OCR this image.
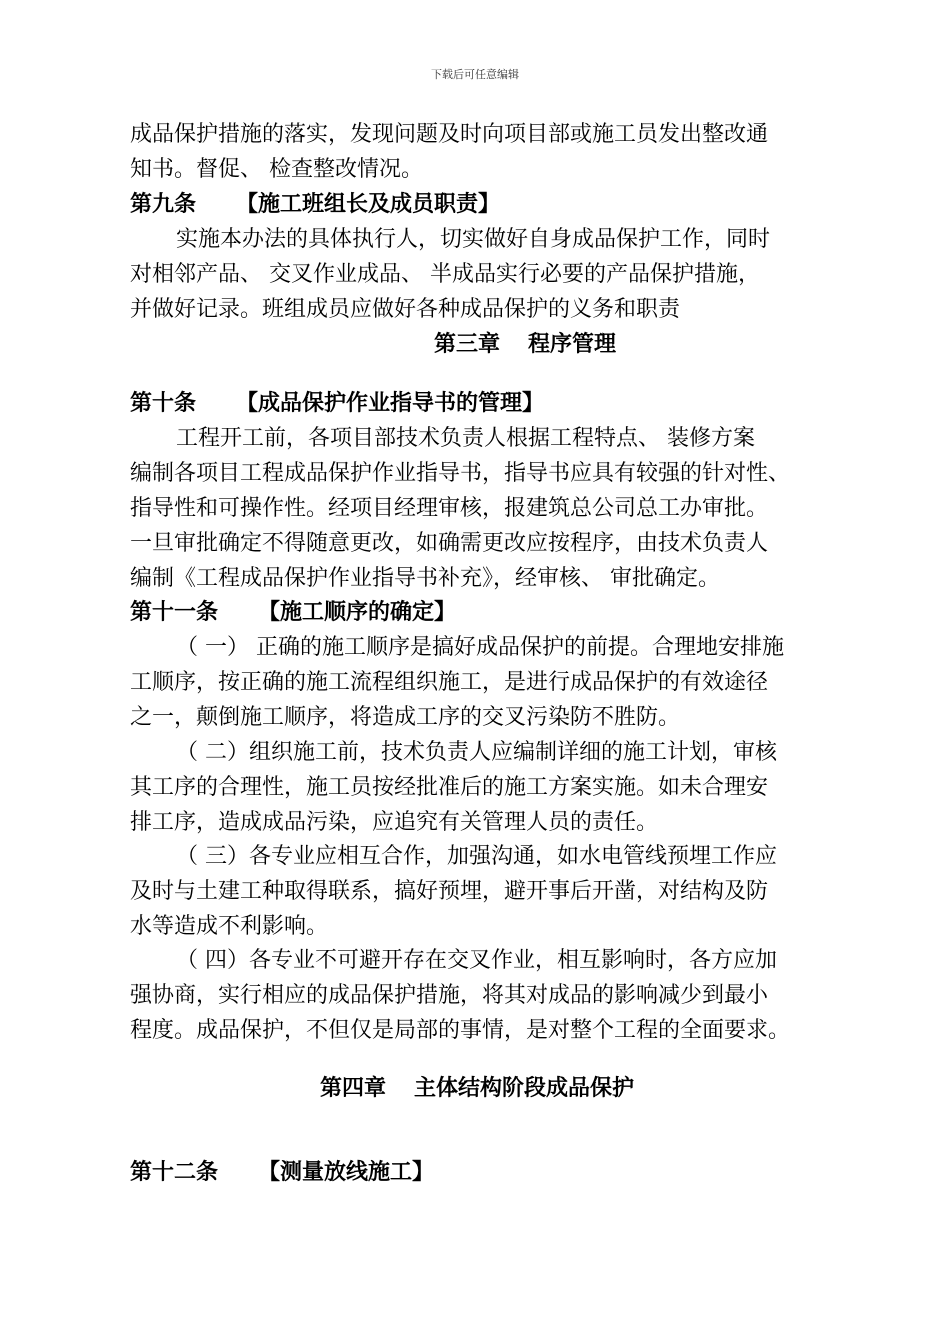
下载后可任意编辑
成品保护措施的落实，发现问题及时向项目部或施工员发出整改通
知书。督促、 检查整改情况。
第九条 【施工班组长及成员职责】
实施本办法的具体执行人，切实做好自身成品保护工作，同时
对相邻产品、 交叉作业成品、 半成品实行必要的产品保护措施，
并做好记录。班组成员应做好各种成品保护的义务和职责
第三章 程序管理
第十条 【成品保护作业指导书的管理】
工程开工前，各项目部技术负责人根据工程特点、 装修方案
编制各项目工程成品保护作业指导书，指导书应具有较强的针对性、
指导性和可操作性。经项目经理审核，报建筑总公司总工办审批。
一旦审批确定不得随意更改，如确需更改应按程序，由技术负责人
编制《工程成品保护作业指导书补充》，经审核、 审批确定。
第十一条 【施工顺序的确定】
（ 一） 正确的施工顺序是搞好成品保护的前提。合理地安排施
工顺序，按正确的施工流程组织施工，是进行成品保护的有效途径
之一，颠倒施工顺序，将造成工序的交叉污染防不胜防。
（ 二）组织施工前，技术负责人应编制详细的施工计划，审核
其工序的合理性，施工员按经批准后的施工方案实施。如未合理安
排工序，造成成品污染，应追究有关管理人员的责任。
（ 三）各专业应相互合作，加强沟通，如水电管线预埋工作应
及时与土建工种取得联系，搞好预埋，避开事后开凿，对结构及防
水等造成不利影响。
（ 四）各专业不可避开存在交叉作业，相互影响时，各方应加
强协商，实行相应的成品保护措施，将其对成品的影响减少到最小
程度。成品保护，不但仅是局部的事情，是对整个工程的全面要求。
第四章 主体结构阶段成品保护
第十二条 【测量放线施工】
